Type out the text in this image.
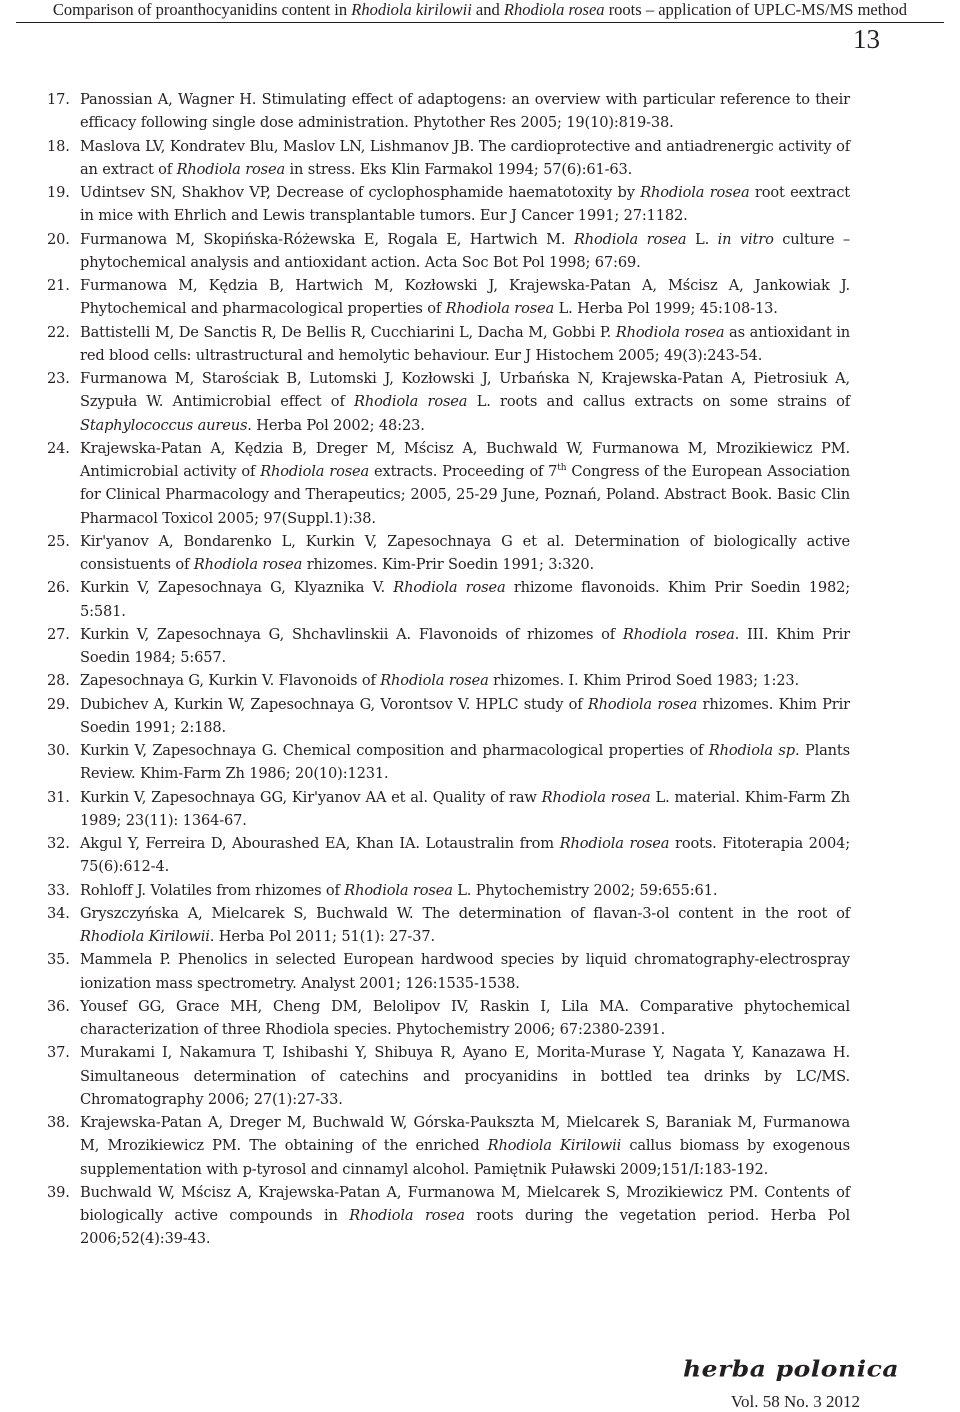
Comparison of proanthocyanidins content in Rhodiola kirilowii and Rhodiola rosea roots – application of UPLC-MS/MS method
13
17. Panossian A, Wagner H. Stimulating effect of adaptogens: an overview with particular reference to their efficacy following single dose administration. Phytother Res 2005; 19(10):819-38.
18. Maslova LV, Kondratev Blu, Maslov LN, Lishmanov JB. The cardioprotective and antiadrenergic activity of an extract of Rhodiola rosea in stress. Eks Klin Farmakol 1994; 57(6):61-63.
19. Udintsev SN, Shakhov VP, Decrease of cyclophosphamide haematotoxity by Rhodiola rosea root eextract in mice with Ehrlich and Lewis transplantable tumors. Eur J Cancer 1991; 27:1182.
20. Furmanowa M, Skopińska-Różewska E, Rogala E, Hartwich M. Rhodiola rosea L. in vitro culture – phytochemical analysis and antioxidant action. Acta Soc Bot Pol 1998; 67:69.
21. Furmanowa M, Kędzia B, Hartwich M, Kozłowski J, Krajewska-Patan A, Mścisz A, Jankowiak J. Phytochemical and pharmacological properties of Rhodiola rosea L. Herba Pol 1999; 45:108-13.
22. Battistelli M, De Sanctis R, De Bellis R, Cucchiarini L, Dacha M, Gobbi P. Rhodiola rosea as antioxidant in red blood cells: ultrastructural and hemolytic behaviour. Eur J Histochem 2005; 49(3):243-54.
23. Furmanowa M, Starościak B, Lutomski J, Kozłowski J, Urbańska N, Krajewska-Patan A, Pietrosiuk A, Szypuła W. Antimicrobial effect of Rhodiola rosea L. roots and callus extracts on some strains of Staphylococcus aureus. Herba Pol 2002; 48:23.
24. Krajewska-Patan A, Kędzia B, Dreger M, Mścisz A, Buchwald W, Furmanowa M, Mrozikiewicz PM. Antimicrobial activity of Rhodiola rosea extracts. Proceeding of 7th Congress of the European Association for Clinical Pharmacology and Therapeutics; 2005, 25-29 June, Poznań, Poland. Abstract Book. Basic Clin Pharmacol Toxicol 2005; 97(Suppl.1):38.
25. Kir'yanov A, Bondarenko L, Kurkin V, Zapesochnaya G et al. Determination of biologically active consistuents of Rhodiola rosea rhizomes. Kim-Prir Soedin 1991; 3:320.
26. Kurkin V, Zapesochnaya G, Klyaznika V. Rhodiola rosea rhizome flavonoids. Khim Prir Soedin 1982; 5:581.
27. Kurkin V, Zapesochnaya G, Shchavlinskii A. Flavonoids of rhizomes of Rhodiola rosea. III. Khim Prir Soedin 1984; 5:657.
28. Zapesochnaya G, Kurkin V. Flavonoids of Rhodiola rosea rhizomes. I. Khim Prirod Soed 1983; 1:23.
29. Dubichev A, Kurkin W, Zapesochnaya G, Vorontsov V. HPLC study of Rhodiola rosea rhizomes. Khim Prir Soedin 1991; 2:188.
30. Kurkin V, Zapesochnaya G. Chemical composition and pharmacological properties of Rhodiola sp. Plants Review. Khim-Farm Zh 1986; 20(10):1231.
31. Kurkin V, Zapesochnaya GG, Kir'yanov AA et al. Quality of raw Rhodiola rosea L. material. Khim-Farm Zh 1989; 23(11): 1364-67.
32. Akgul Y, Ferreira D, Abourashed EA, Khan IA. Lotaustralin from Rhodiola rosea roots. Fitoterapia 2004; 75(6):612-4.
33. Rohloff J. Volatiles from rhizomes of Rhodiola rosea L. Phytochemistry 2002; 59:655:61.
34. Gryszczyńska A, Mielcarek S, Buchwald W. The determination of flavan-3-ol content in the root of Rhodiola Kirilowii. Herba Pol 2011; 51(1): 27-37.
35. Mammela P. Phenolics in selected European hardwood species by liquid chromatography-electrospray ionization mass spectrometry. Analyst 2001; 126:1535-1538.
36. Yousef GG, Grace MH, Cheng DM, Belolipov IV, Raskin I, Lila MA. Comparative phytochemical characterization of three Rhodiola species. Phytochemistry 2006; 67:2380-2391.
37. Murakami I, Nakamura T, Ishibashi Y, Shibuya R, Ayano E, Morita-Murase Y, Nagata Y, Kanazawa H. Simultaneous determination of catechins and procyanidins in bottled tea drinks by LC/MS. Chromatography 2006; 27(1):27-33.
38. Krajewska-Patan A, Dreger M, Buchwald W, Górska-Paukszta M, Mielcarek S, Baraniak M, Furmanowa M, Mrozikiewicz PM. The obtaining of the enriched Rhodiola Kirilowii callus biomass by exogenous supplementation with p-tyrosol and cinnamyl alcohol. Pamiętnik Puławski 2009;151/I:183-192.
39. Buchwald W, Mścisz A, Krajewska-Patan A, Furmanowa M, Mielcarek S, Mrozikiewicz PM. Contents of biologically active compounds in Rhodiola rosea roots during the vegetation period. Herba Pol 2006;52(4):39-43.
herba polonica
Vol. 58 No. 3 2012
